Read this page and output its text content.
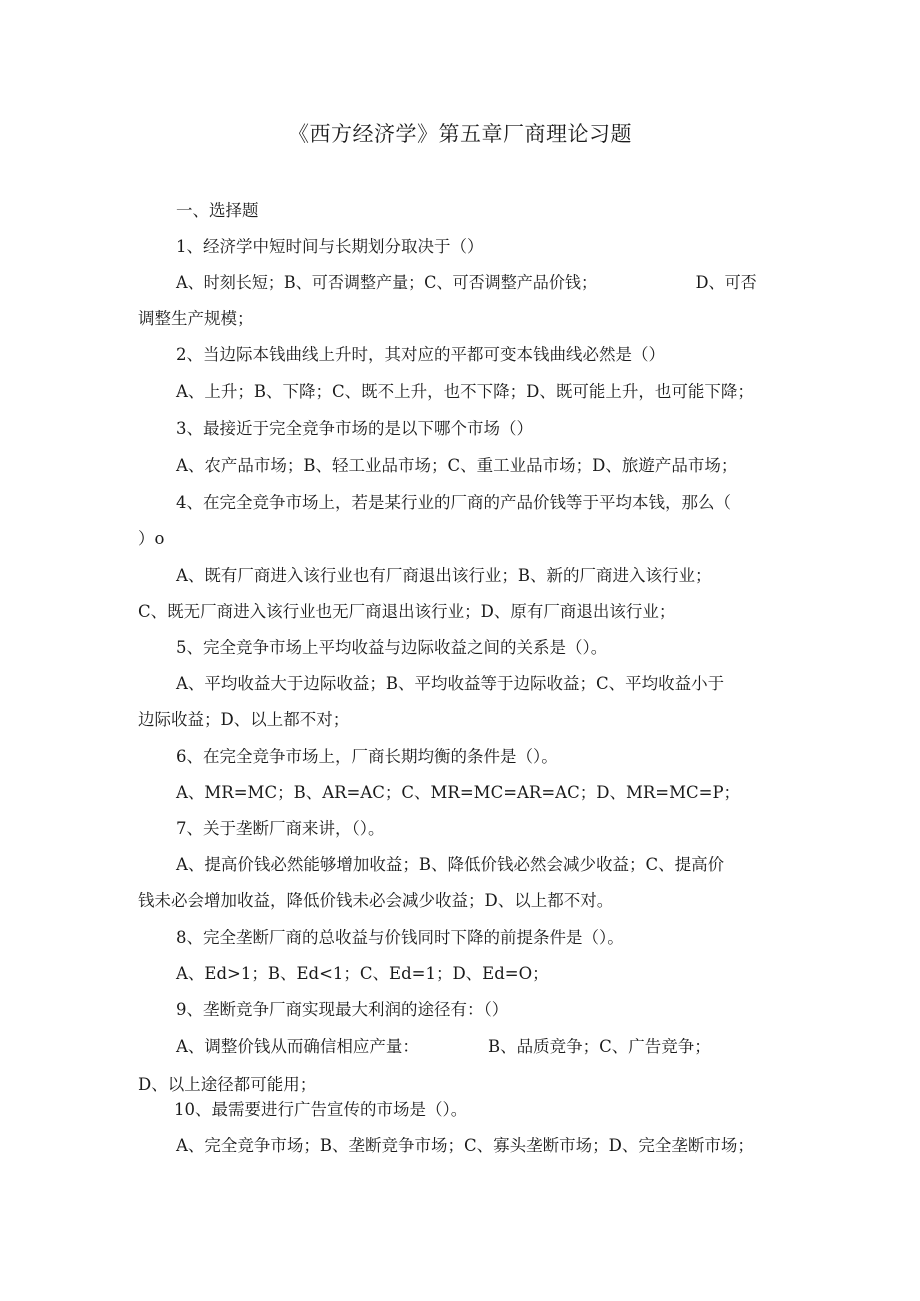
《西方经济学》第五章厂商理论习题
一、选择题
1、经济学中短时间与长期划分取决于（）
A、时刻长短；B、可否调整产量；C、可否调整产品价钱；	D、可否
调整生产规模；
2、当边际本钱曲线上升时，其对应的平都可变本钱曲线必然是（）
A、上升；B、下降；C、既不上升，也不下降；D、既可能上升，也可能下降；
3、最接近于完全竞争市场的是以下哪个市场（）
A、农产品市场；B、轻工业品市场；C、重工业品市场；D、旅遊产品市场；
4、在完全竞争市场上，若是某行业的厂商的产品价钱等于平均本钱，那么（
）o
A、既有厂商进入该行业也有厂商退出该行业；B、新的厂商进入该行业；
C、既无厂商进入该行业也无厂商退出该行业；D、原有厂商退出该行业；
5、完全竞争市场上平均收益与边际收益之间的关系是（）。
A、平均收益大于边际收益；B、平均收益等于边际收益；C、平均收益小于
边际收益；D、以上都不对；
6、在完全竞争市场上，厂商长期均衡的条件是（）。
A、MR=MC；B、AR=AC；C、MR=MC=AR=AC；D、MR=MC=P；
7、关于垄断厂商来讲，（）。
A、提高价钱必然能够增加收益；B、降低价钱必然会减少收益；C、提高价
钱未必会增加收益，降低价钱未必会减少收益；D、以上都不对。
8、完全垄断厂商的总收益与价钱同时下降的前提条件是（）。
A、Ed>1；B、Ed<1；C、Ed=1；D、Ed=O；
9、垄断竞争厂商实现最大利润的途径有：（）
A、调整价钱从而确信相应产量：	B、品质竞争；C、广告竞争；
D、以上途径都可能用；
10、最需要进行广告宣传的市场是（）。
A、完全竞争市场；B、垄断竞争市场；C、寡头垄断市场；D、完全垄断市场；
